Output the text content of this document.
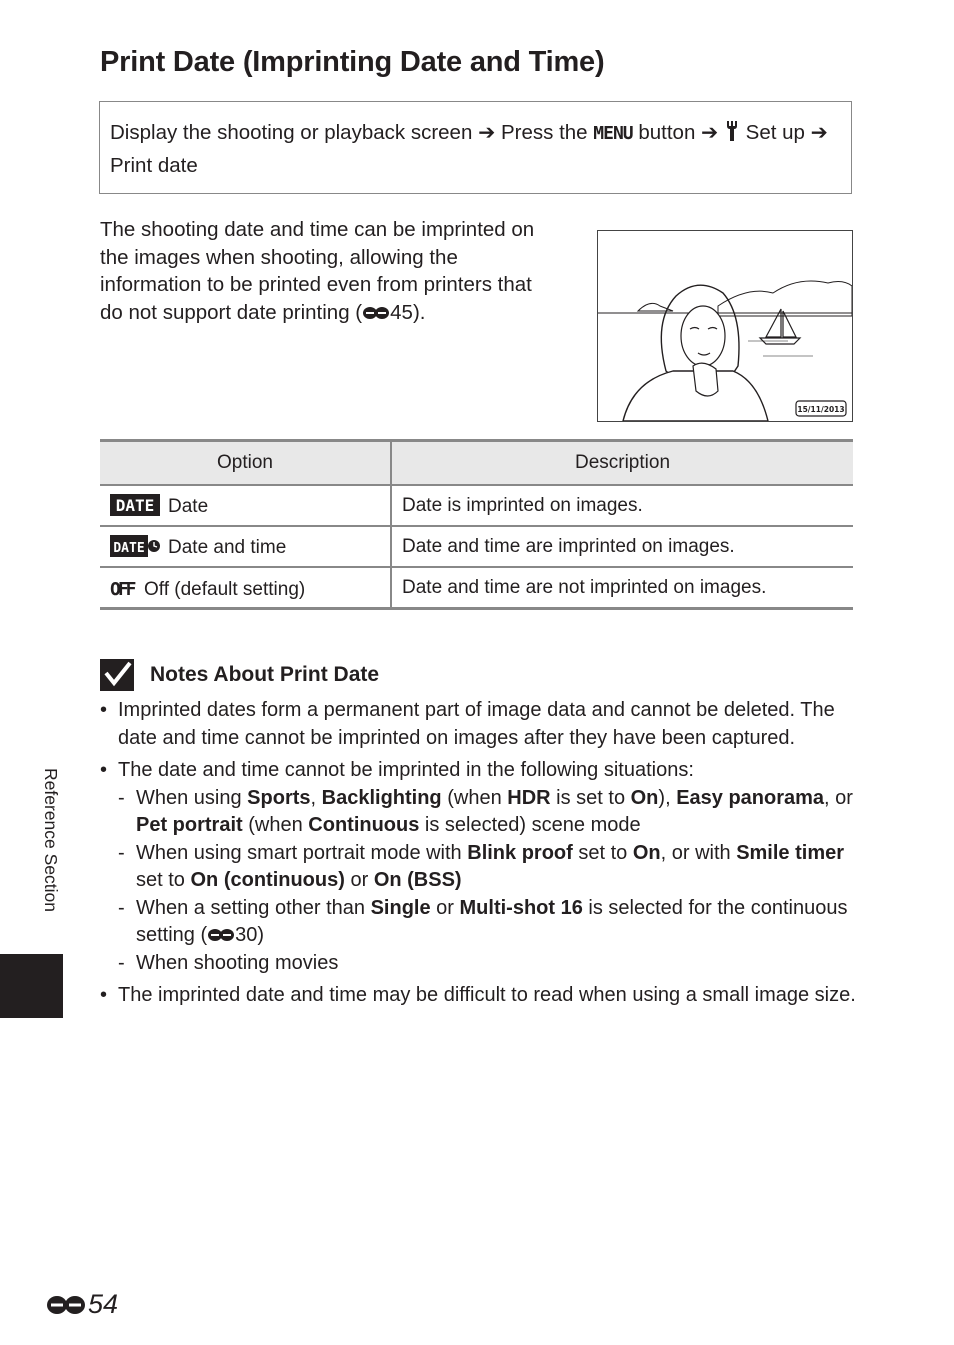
Print Date (Imprinting Date and Time)
Display the shooting or playback screen ➔ Press the MENU button ➔ Set up ➔ Print date

The shooting date and time can be imprinted on the images when shooting, allowing the information to be printed even from printers that do not support date printing ( 45).

15/11/2013
Option	Description

DATE Date	Date is imprinted on images.

DATE Date and time	Date and time are imprinted on images.

OFF Off (default setting)	Date and time are not imprinted on images.
Notes About Print Date
• Imprinted dates form a permanent part of image data and cannot be deleted. The date and time cannot be imprinted on images after they have been captured.
• The date and time cannot be imprinted in the following situations:
- When using Sports, Backlighting (when HDR is set to On), Easy panorama, or Pet portrait (when Continuous is selected) scene mode
- When using smart portrait mode with Blink proof set to On, or with Smile timer set to On (continuous) or On (BSS)
- When a setting other than Single or Multi-shot 16 is selected for the continuous setting ( 30)
- When shooting movies
• The imprinted date and time may be difficult to read when using a small image size.
Reference Section
54
